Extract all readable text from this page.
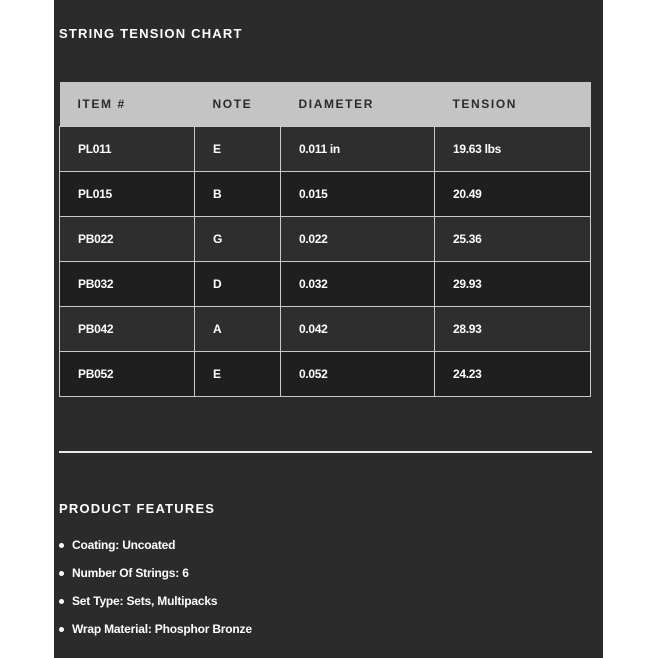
STRING TENSION CHART
ITEM #	NOTE	DIAMETER	TENSION
PL011	E	0.011 in	19.63 lbs
PL015	B	0.015	20.49
PB022	G	0.022	25.36
PB032	D	0.032	29.93
PB042	A	0.042	28.93
PB052	E	0.052	24.23
PRODUCT FEATURES
Coating: Uncoated
Number Of Strings: 6
Set Type: Sets, Multipacks
Wrap Material: Phosphor Bronze
